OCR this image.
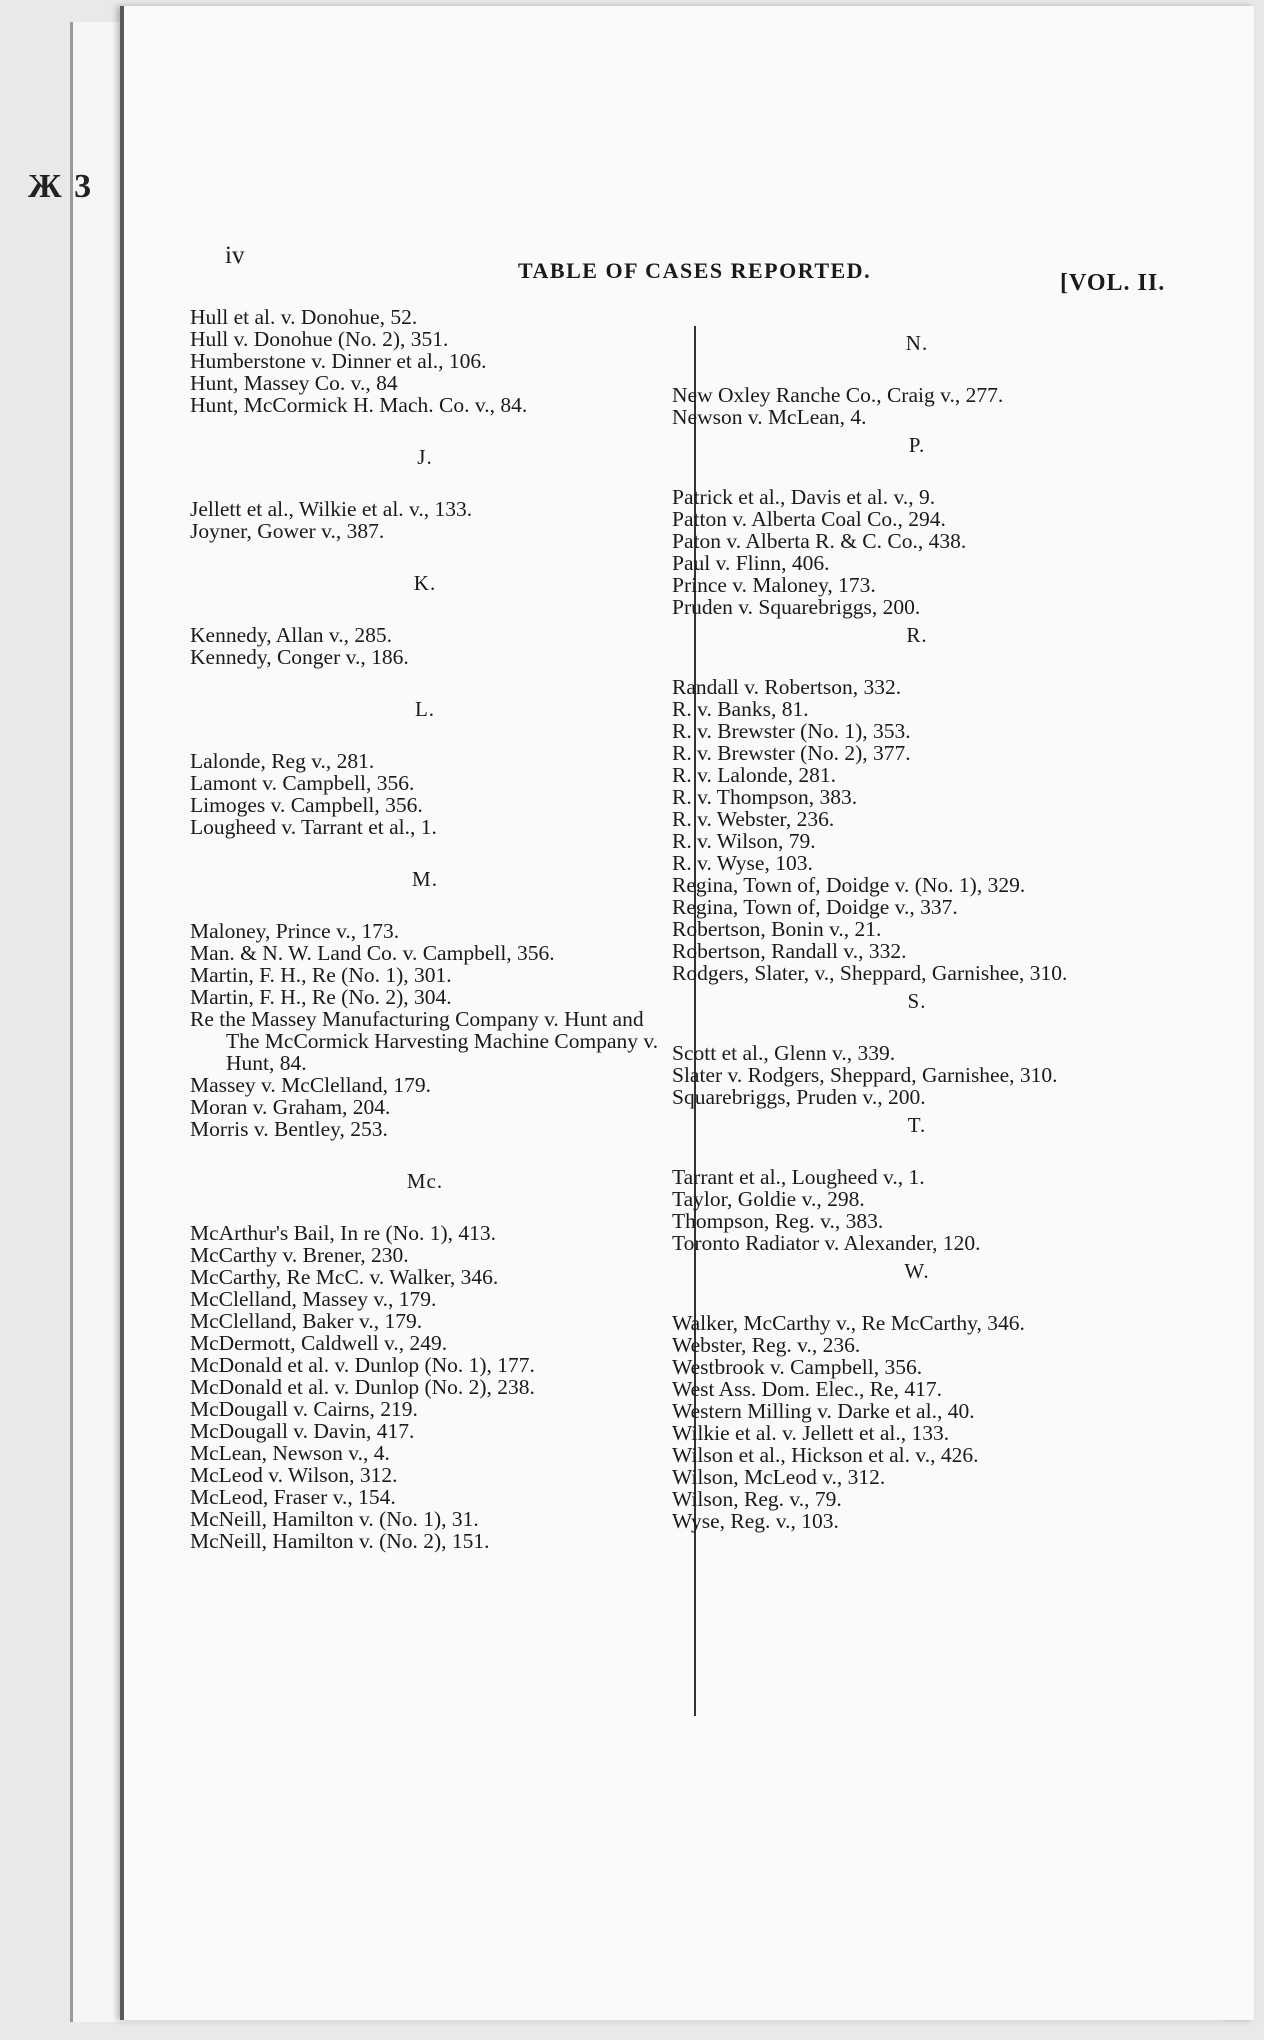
Ж 3
iv
TABLE OF CASES REPORTED.	[VOL. II.
Hull et al. v. Donohue, 52.
Hull v. Donohue (No. 2), 351.
Humberstone v. Dinner et al., 106.
Hunt, Massey Co. v., 84
Hunt, McCormick H. Mach. Co. v., 84.
J.
Jellett et al., Wilkie et al. v., 133.
Joyner, Gower v., 387.
K.
Kennedy, Allan v., 285.
Kennedy, Conger v., 186.
L.
Lalonde, Reg v., 281.
Lamont v. Campbell, 356.
Limoges v. Campbell, 356.
Lougheed v. Tarrant et al., 1.
M.
Maloney, Prince v., 173.
Man. & N. W. Land Co. v. Campbell, 356.
Martin, F. H., Re (No. 1), 301.
Martin, F. H., Re (No. 2), 304.
Re the Massey Manufacturing Company v. Hunt and The McCormick Harvesting Machine Company v. Hunt, 84.
Massey v. McClelland, 179.
Moran v. Graham, 204.
Morris v. Bentley, 253.
Mc.
McArthur's Bail, In re (No. 1), 413.
McCarthy v. Brener, 230.
McCarthy, Re McC. v. Walker, 346.
McClelland, Massey v., 179.
McClelland, Baker v., 179.
McDermott, Caldwell v., 249.
McDonald et al. v. Dunlop (No. 1), 177.
McDonald et al. v. Dunlop (No. 2), 238.
McDougall v. Cairns, 219.
McDougall v. Davin, 417.
McLean, Newson v., 4.
McLeod v. Wilson, 312.
McLeod, Fraser v., 154.
McNeill, Hamilton v. (No. 1), 31.
McNeill, Hamilton v. (No. 2), 151.
N.
New Oxley Ranche Co., Craig v., 277.
Newson v. McLean, 4.
P.
Patrick et al., Davis et al. v., 9.
Patton v. Alberta Coal Co., 294.
Paton v. Alberta R. & C. Co., 438.
Paul v. Flinn, 406.
Prince v. Maloney, 173.
Pruden v. Squarebriggs, 200.
R.
Randall v. Robertson, 332.
R. v. Banks, 81.
R. v. Brewster (No. 1), 353.
R. v. Brewster (No. 2), 377.
R. v. Lalonde, 281.
R. v. Thompson, 383.
R. v. Webster, 236.
R. v. Wilson, 79.
R. v. Wyse, 103.
Regina, Town of, Doidge v. (No. 1), 329.
Regina, Town of, Doidge v., 337.
Robertson, Bonin v., 21.
Robertson, Randall v., 332.
Rodgers, Slater, v., Sheppard, Garnishee, 310.
S.
Scott et al., Glenn v., 339.
Slater v. Rodgers, Sheppard, Garnishee, 310.
Squarebriggs, Pruden v., 200.
T.
Tarrant et al., Lougheed v., 1.
Taylor, Goldie v., 298.
Thompson, Reg. v., 383.
Toronto Radiator v. Alexander, 120.
W.
Walker, McCarthy v., Re McCarthy, 346.
Webster, Reg. v., 236.
Westbrook v. Campbell, 356.
West Ass. Dom. Elec., Re, 417.
Western Milling v. Darke et al., 40.
Wilkie et al. v. Jellett et al., 133.
Wilson et al., Hickson et al. v., 426.
Wilson, McLeod v., 312.
Wilson, Reg. v., 79.
Wyse, Reg. v., 103.
